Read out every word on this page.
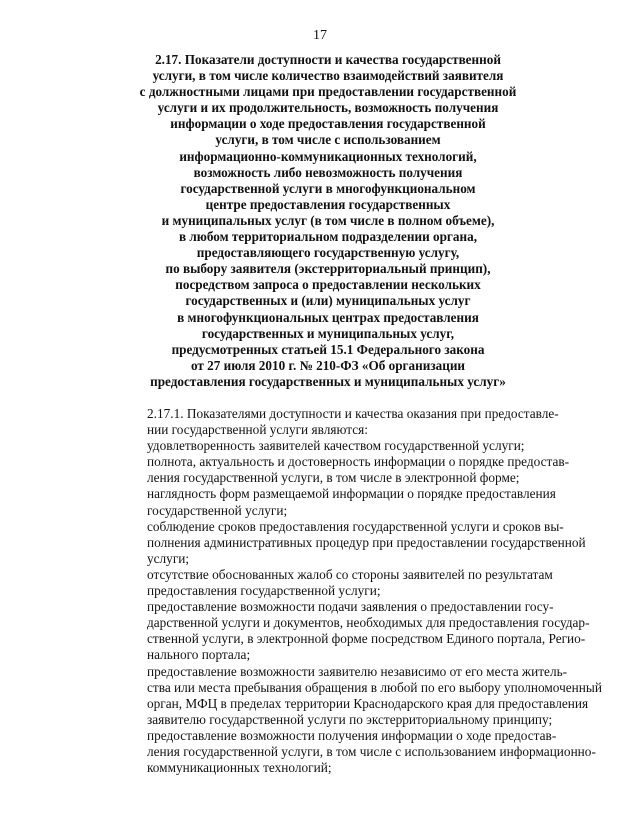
17
2.17. Показатели доступности и качества государственной
услуги, в том числе количество взаимодействий заявителя
с должностными лицами при предоставлении государственной
услуги и их продолжительность, возможность получения
информации о ходе предоставления государственной
услуги, в том числе с использованием
информационно-коммуникационных технологий,
возможность либо невозможность получения
государственной услуги в многофункциональном
центре предоставления государственных
и муниципальных услуг (в том числе в полном объеме),
в любом территориальном подразделении органа,
предоставляющего государственную услугу,
по выбору заявителя (экстерриториальный принцип),
посредством запроса о предоставлении нескольких
государственных и (или) муниципальных услуг
в многофункциональных центрах предоставления
государственных и муниципальных услуг,
предусмотренных статьей 15.1 Федерального закона
от 27 июля 2010 г. № 210-ФЗ «Об организации
предоставления государственных и муниципальных услуг»

2.17.1. Показателями доступности и качества оказания при предоставле-
нии государственной услуги являются:

удовлетворенность заявителей качеством государственной услуги;

полнота, актуальность и достоверность информации о порядке предостав-
ления государственной услуги, в том числе в электронной форме;

наглядность форм размещаемой информации о порядке предоставления
государственной услуги;

соблюдение сроков предоставления государственной услуги и сроков вы-
полнения административных процедур при предоставлении государственной
услуги;

отсутствие обоснованных жалоб со стороны заявителей по результатам
предоставления государственной услуги;

предоставление возможности подачи заявления о предоставлении госу-
дарственной услуги и документов, необходимых для предоставления государ-
ственной услуги, в электронной форме посредством Единого портала, Регио-
нального портала;

предоставление возможности заявителю независимо от его места житель-
ства или места пребывания обращения в любой по его выбору уполномоченный
орган, МФЦ в пределах территории Краснодарского края для предоставления
заявителю государственной услуги по экстерриториальному принципу;

предоставление возможности получения информации о ходе предостав-
ления государственной услуги, в том числе с использованием информационно-
коммуникационных технологий;
